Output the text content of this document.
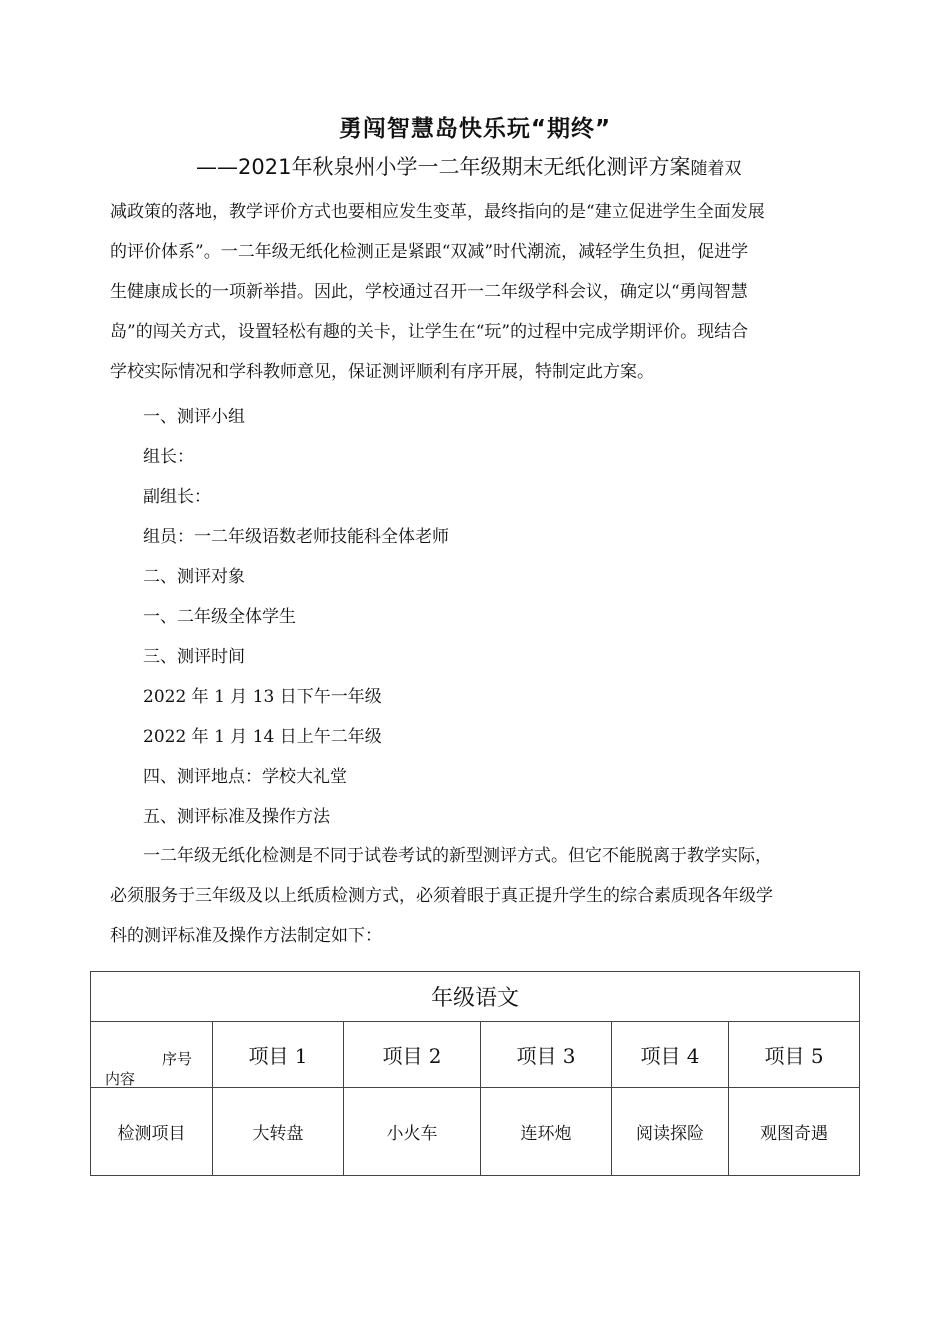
勇闯智慧岛快乐玩“期终”
——2021年秋泉州小学一二年级期末无纸化测评方案随着双
减政策的落地，教学评价方式也要相应发生变革，最终指向的是“建立促进学生全面发展
的评价体系”。一二年级无纸化检测正是紧跟“双减”时代潮流，减轻学生负担，促进学
生健康成长的一项新举措。因此，学校通过召开一二年级学科会议，确定以“勇闯智慧
岛”的闯关方式，设置轻松有趣的关卡，让学生在“玩”的过程中完成学期评价。现结合
学校实际情况和学科教师意见，保证测评顺利有序开展，特制定此方案。

一、测评小组

组长：

副组长：

组员：一二年级语数老师技能科全体老师

二、测评对象

一、二年级全体学生

三、测评时间

2022 年 1 月 13 日下午一年级

2022 年 1 月 14 日上午二年级

四、测评地点：学校大礼堂

五、测评标准及操作方法

一二年级无纸化检测是不同于试卷考试的新型测评方式。但它不能脱离于教学实际，
必须服务于三年级及以上纸质检测方式，必须着眼于真正提升学生的综合素质现各年级学
科的测评标准及操作方法制定如下：
年级语文					

序号
内容	项目 1	项目 2	项目 3	项目 4	项目 5
检测项目	大转盘	小火车	连环炮	阅读探险	观图奇遇
